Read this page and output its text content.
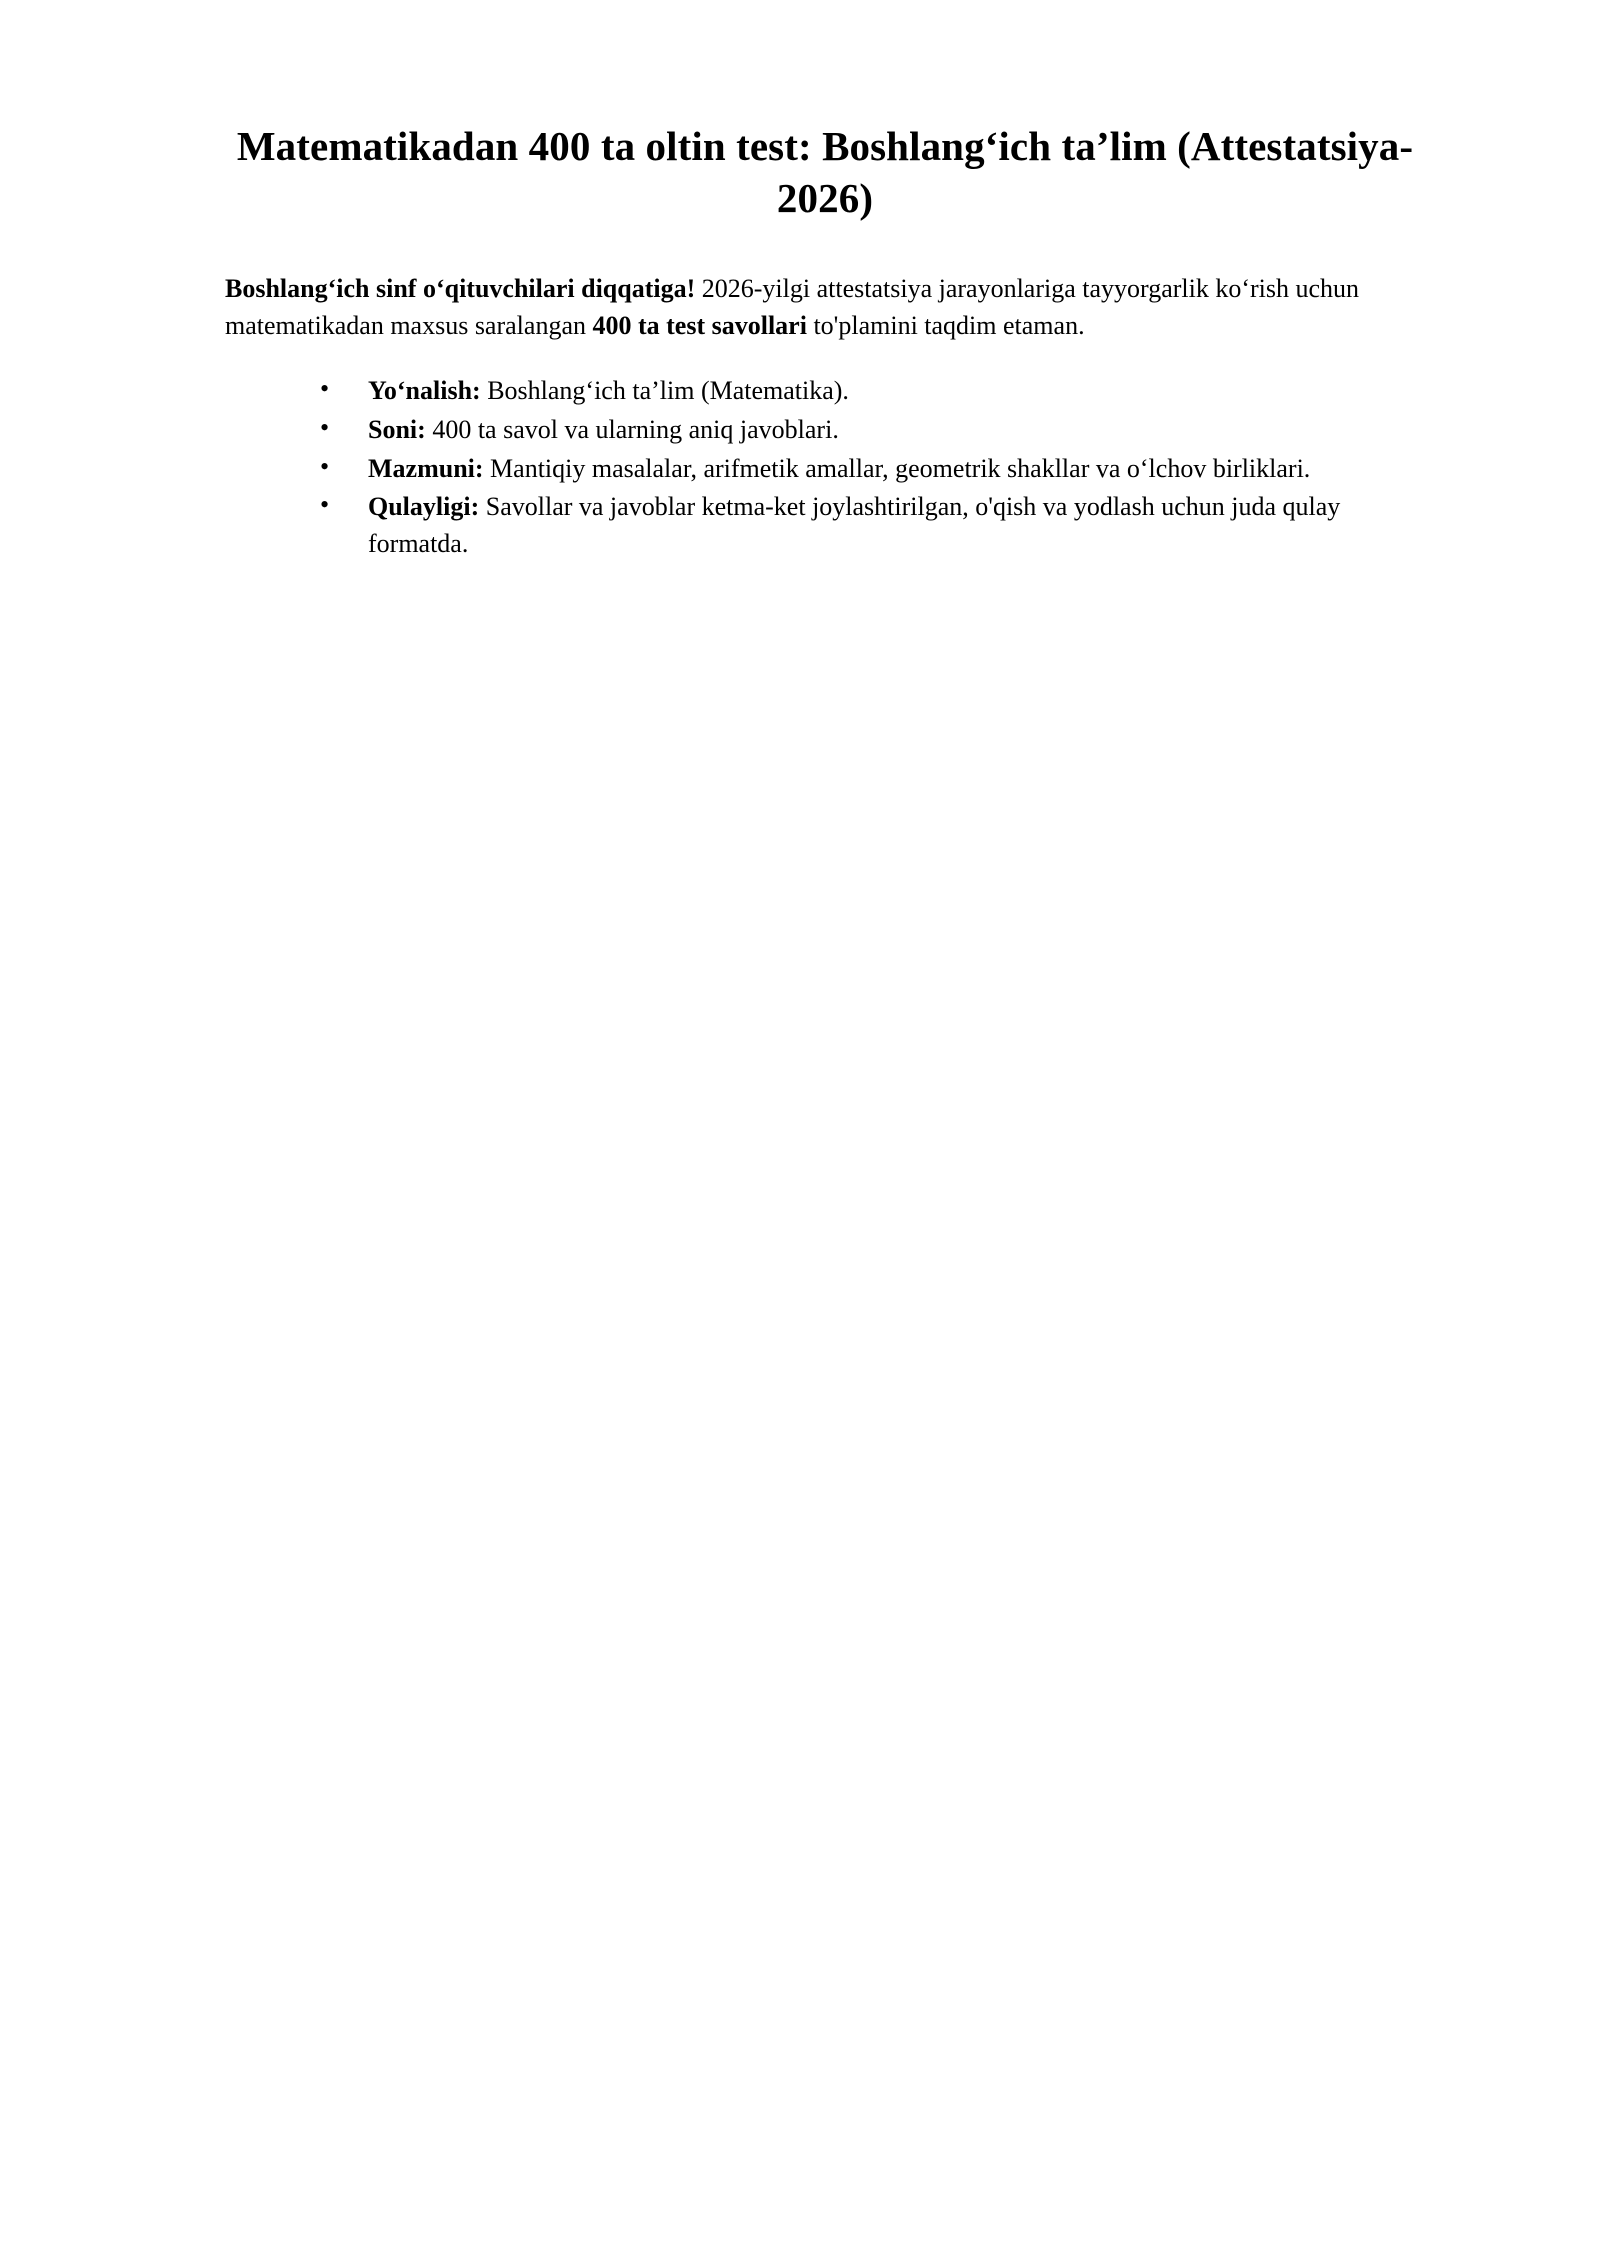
Matematikadan 400 ta oltin test: Boshlang‘ich ta’lim (Attestatsiya-2026)

Boshlang‘ich sinf o‘qituvchilari diqqatiga! 2026-yilgi attestatsiya jarayonlariga tayyorgarlik ko‘rish uchun matematikadan maxsus saralangan 400 ta test savollari to'plamini taqdim etaman.

• Yo‘nalish: Boshlang‘ich ta’lim (Matematika).
• Soni: 400 ta savol va ularning aniq javoblari.
• Mazmuni: Mantiqiy masalalar, arifmetik amallar, geometrik shakllar va o‘lchov birliklari.
• Qulayligi: Savollar va javoblar ketma-ket joylashtirilgan, o'qish va yodlash uchun juda qulay formatda.
